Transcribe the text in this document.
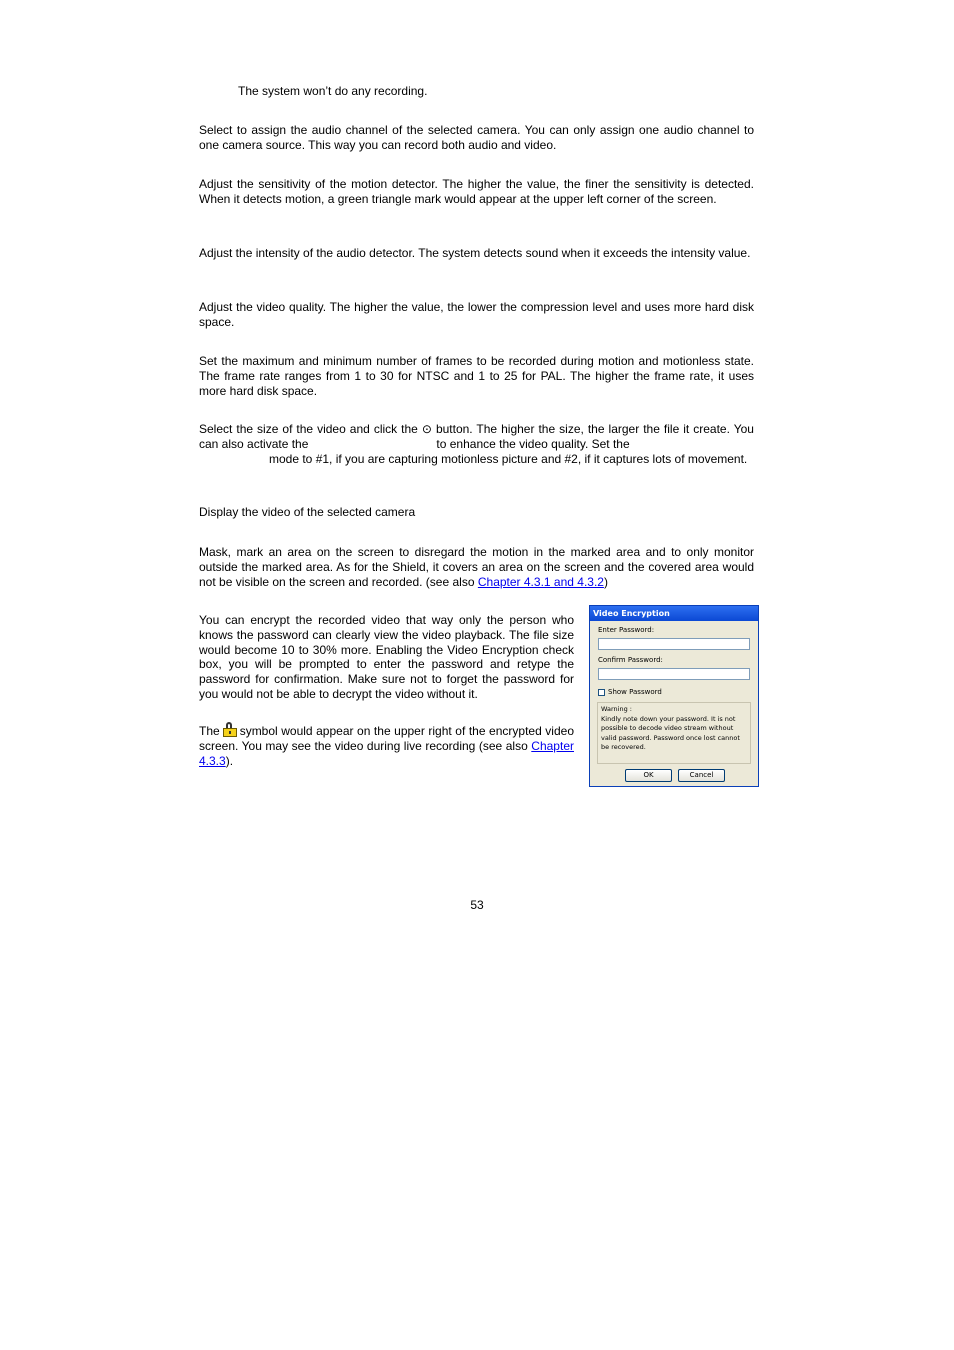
The system won’t do any recording.

Select to assign the audio channel of the selected camera. You can only assign one audio channel to one camera source. This way you can record both audio and video.

Adjust the sensitivity of the motion detector. The higher the value, the finer the sensitivity is detected. When it detects motion, a green triangle mark would appear at the upper left corner of the screen.

Adjust the intensity of the audio detector. The system detects sound when it exceeds the intensity value.

Adjust the video quality. The higher the value, the lower the compression level and uses more hard disk space.

Set the maximum and minimum number of frames to be recorded during motion and motionless state. The frame rate ranges from 1 to 30 for NTSC and 1 to 25 for PAL. The higher the frame rate, it uses more hard disk space.

Select the size of the video and click the ⊙ button. The higher the size, the larger the file it create. You can also activate the	to enhance the video quality. Set the
mode to #1, if you are capturing motionless picture and #2, if it captures lots of movement.

Display the video of the selected camera

Mask, mark an area on the screen to disregard the motion in the marked area and to only monitor outside the marked area. As for the Shield, it covers an area on the screen and the covered area would not be visible on the screen and recorded. (see also Chapter 4.3.1 and 4.3.2)

You can encrypt the recorded video that way only the person who knows the password can clearly view the video playback. The file size would become 10 to 30% more. Enabling the Video Encryption check box, you will be prompted to enter the password and retype the password for confirmation. Make sure not to forget the password for you would not be able to decrypt the video without it.

The symbol would appear on the upper right of the encrypted video screen. You may see the video during live recording (see also Chapter 4.3.3).

Video Encryption
Enter Password:
Confirm Password:
Show Password
Warning :
Kindly note down your password. It is not possible to decode video stream without valid password. Password once lost cannot be recovered.
OK	Cancel
53
